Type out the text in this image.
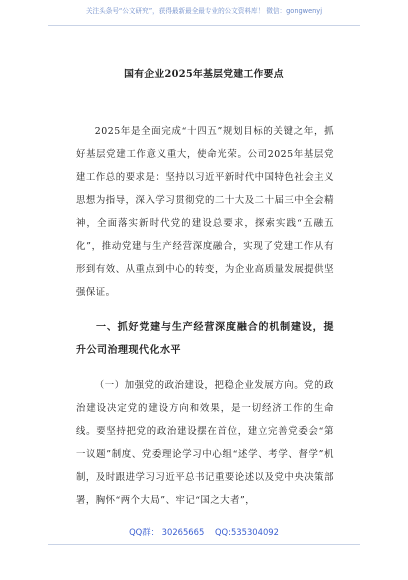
关注头条号“公文研究”，获得最新最全最专业的公文资料库！ 微信：gongwenyj
国有企业2025年基层党建工作要点

2025年是全面完成“十四五”规划目标的关键之年，抓好基层党建工作意义重大，使命光荣。公司2025年基层党建工作总的要求是：坚持以习近平新时代中国特色社会主义思想为指导，深入学习贯彻党的二十大及二十届三中全会精神，全面落实新时代党的建设总要求，探索实践“五融五化”，推动党建与生产经营深度融合，实现了党建工作从有形到有效、从重点到中心的转变，为企业高质量发展提供坚强保证。

一、抓好党建与生产经营深度融合的机制建设，提升公司治理现代化水平

（一）加强党的政治建设，把稳企业发展方向。党的政治建设决定党的建设方向和效果，是一切经济工作的生命线。要坚持把党的政治建设摆在首位，建立完善党委会“第一议题”制度、党委理论学习中心组“述学、考学、督学”机制，及时跟进学习习近平总书记重要论述以及党中央决策部署，胸怀“两个大局”、牢记“国之大者”，

QQ群： 30265665 QQ:535304092
